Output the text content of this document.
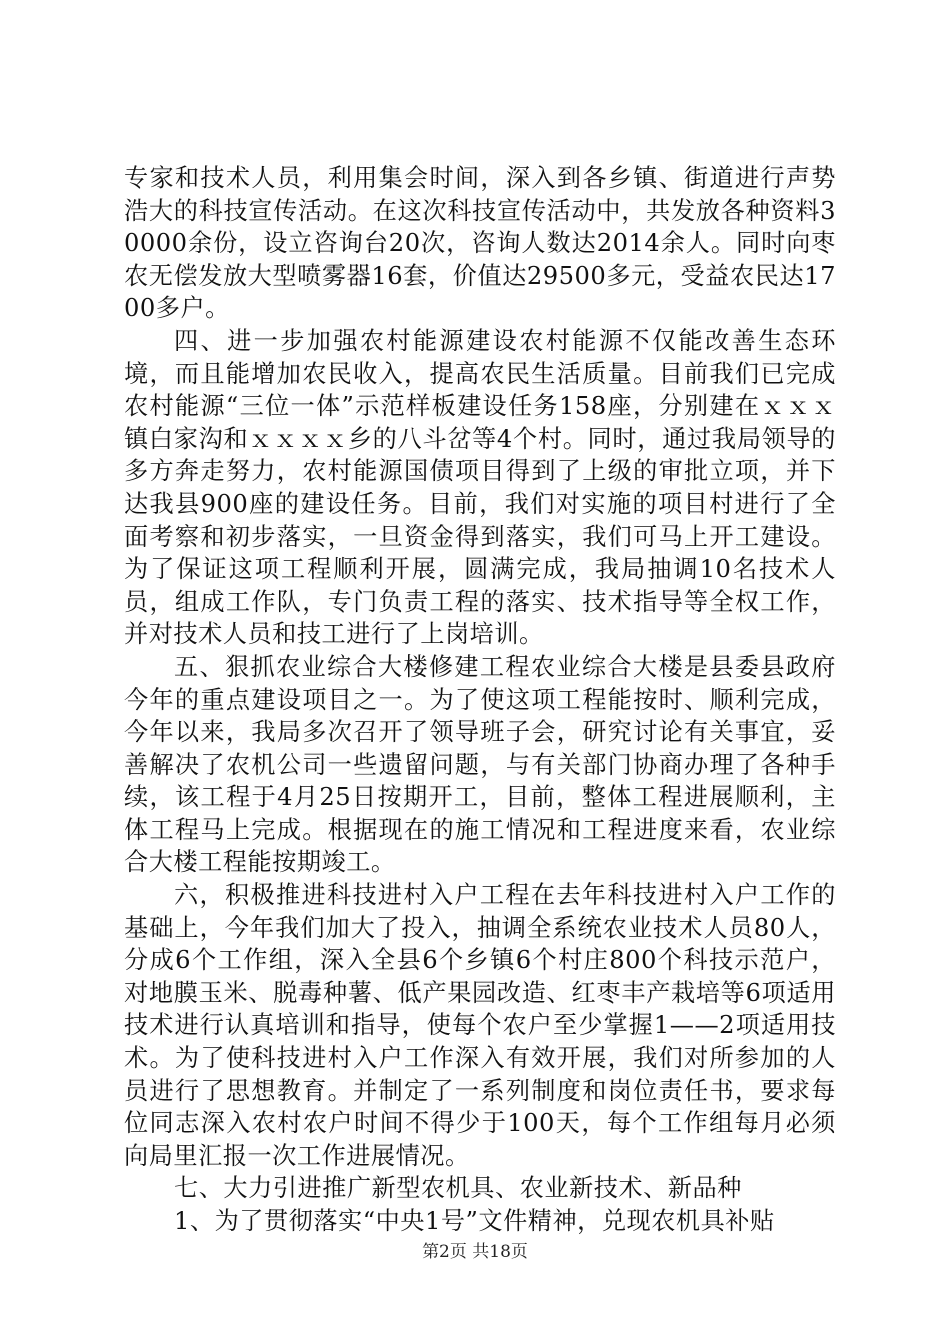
专家和技术人员，利用集会时间，深入到各乡镇、街道进行声势浩大的科技宣传活动。在这次科技宣传活动中，共发放各种资料30000余份，设立咨询台20次，咨询人数达2014余人。同时向枣农无偿发放大型喷雾器16套，价值达29500多元，受益农民达1700多户。

四、进一步加强农村能源建设农村能源不仅能改善生态环境，而且能增加农民收入，提高农民生活质量。目前我们已完成农村能源“三位一体”示范样板建设任务158座，分别建在ｘｘｘ镇白家沟和ｘｘｘｘ乡的八斗岔等4个村。同时，通过我局领导的多方奔走努力，农村能源国债项目得到了上级的审批立项，并下达我县900座的建设任务。目前，我们对实施的项目村进行了全面考察和初步落实，一旦资金得到落实，我们可马上开工建设。为了保证这项工程顺利开展，圆满完成，我局抽调10名技术人员，组成工作队，专门负责工程的落实、技术指导等全权工作，并对技术人员和技工进行了上岗培训。

五、狠抓农业综合大楼修建工程农业综合大楼是县委县政府今年的重点建设项目之一。为了使这项工程能按时、顺利完成，今年以来，我局多次召开了领导班子会，研究讨论有关事宜，妥善解决了农机公司一些遗留问题，与有关部门协商办理了各种手续，该工程于4月25日按期开工，目前，整体工程进展顺利，主体工程马上完成。根据现在的施工情况和工程进度来看，农业综合大楼工程能按期竣工。

六，积极推进科技进村入户工程在去年科技进村入户工作的基础上，今年我们加大了投入，抽调全系统农业技术人员80人，分成6个工作组，深入全县6个乡镇6个村庄800个科技示范户，对地膜玉米、脱毒种薯、低产果园改造、红枣丰产栽培等6项适用技术进行认真培训和指导，使每个农户至少掌握1——2项适用技术。为了使科技进村入户工作深入有效开展，我们对所参加的人员进行了思想教育。并制定了一系列制度和岗位责任书，要求每位同志深入农村农户时间不得少于100天，每个工作组每月必须向局里汇报一次工作进展情况。

七、大力引进推广新型农机具、农业新技术、新品种

1、为了贯彻落实“中央1号”文件精神，兑现农机具补贴

第2页 共18页
